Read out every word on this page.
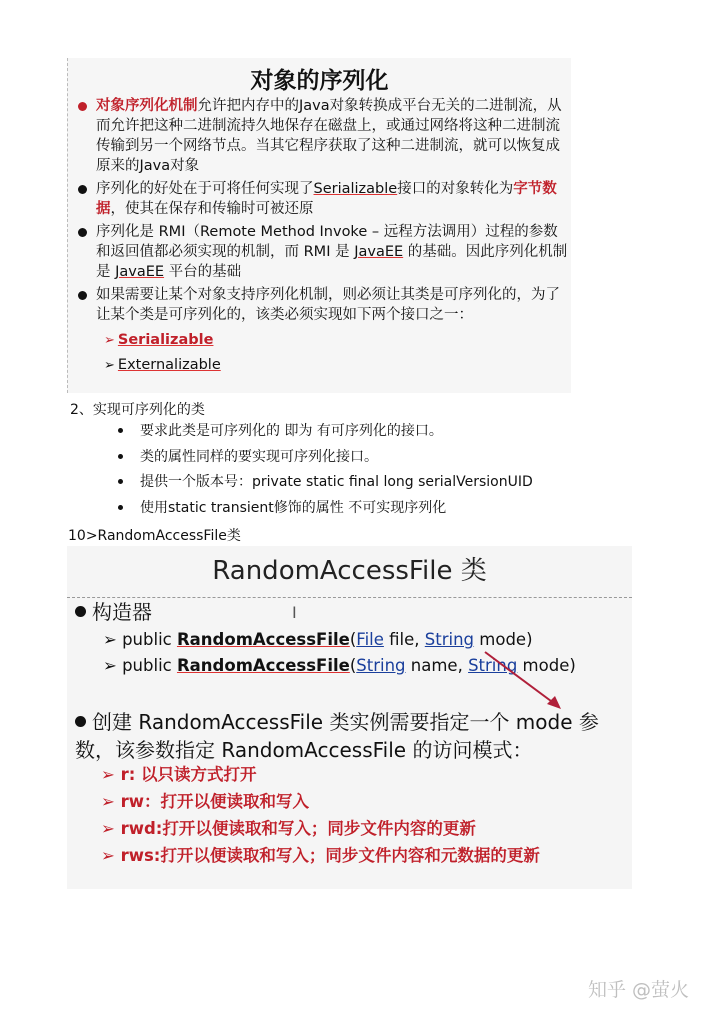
对象的序列化
对象序列化机制允许把内存中的Java对象转换成平台无关的二进制流，从而允许把这种二进制流持久地保存在磁盘上，或通过网络将这种二进制流传输到另一个网络节点。当其它程序获取了这种二进制流，就可以恢复成原来的Java对象
序列化的好处在于可将任何实现了Serializable接口的对象转化为字节数据，使其在保存和传输时可被还原
序列化是 RMI（Remote Method Invoke – 远程方法调用）过程的参数和返回值都必须实现的机制，而 RMI 是 JavaEE 的基础。因此序列化机制是 JavaEE 平台的基础
如果需要让某个对象支持序列化机制，则必须让其类是可序列化的，为了让某个类是可序列化的，该类必须实现如下两个接口之一：
➢ Serializable
➢ Externalizable
2、实现可序列化的类
要求此类是可序列化的 即为 有可序列化的接口。
类的属性同样的要实现可序列化接口。
提供一个版本号：private static final long serialVersionUID
使用static transient修饰的属性 不可实现序列化
10>RandomAccessFile类
RandomAccessFile 类
构造器
➢ public RandomAccessFile(File file, String mode)
➢ public RandomAccessFile(String name, String mode)
创建 RandomAccessFile 类实例需要指定一个 mode 参数，该参数指定 RandomAccessFile 的访问模式：
➢ r: 以只读方式打开
➢ rw：打开以便读取和写入
➢ rwd:打开以便读取和写入；同步文件内容的更新
➢ rws:打开以便读取和写入；同步文件内容和元数据的更新
I
知乎 @萤火
